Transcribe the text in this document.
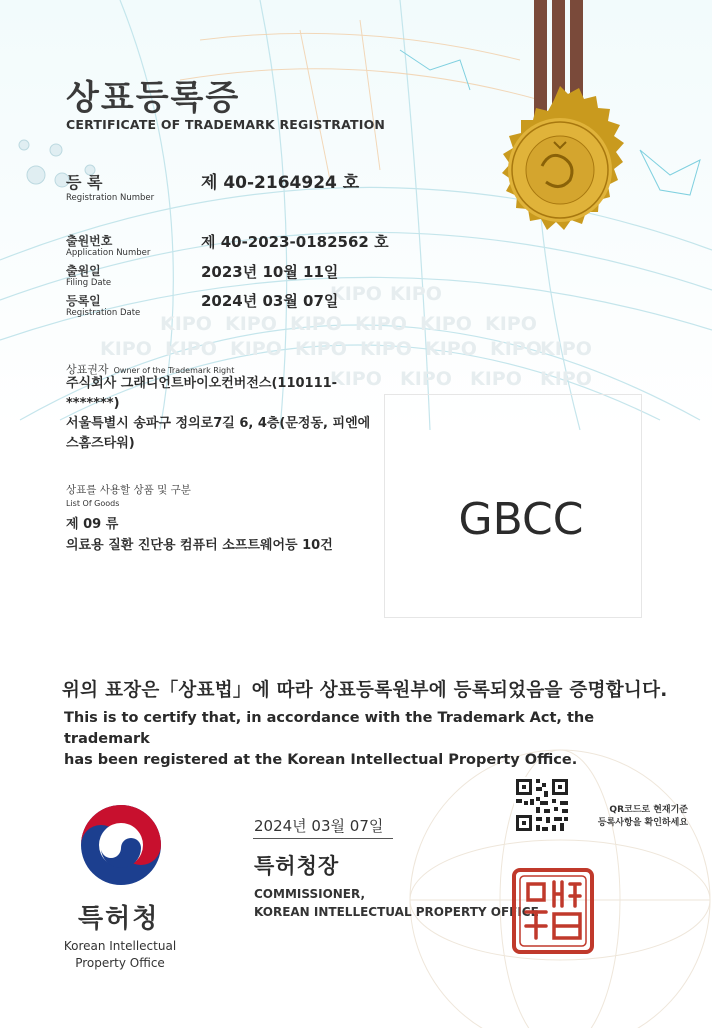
KIPO KIPO
KIPO KIPO KIPO KIPO KIPO KIPO
KIPO KIPO KIPO KIPO KIPO KIPO KIPO
KIPO
KIPO KIPO KIPO KIPO
상표등록증
CERTIFICATE OF TRADEMARK REGISTRATION
등 록
Registration Number
제 40-2164924 호
출원번호
Application Number
제 40-2023-0182562 호
출원일
Filing Date
2023년 10월 11일
등록일
Registration Date
2024년 03월 07일
상표권자 Owner of the Trademark Right
주식회사 그래디언트바이오컨버전스(110111-
*******)
서울특별시 송파구 정의로7길 6, 4층(문정동, 피엔에
스홈즈타워)
상표를 사용할 상품 및 구분
List Of Goods
제 09 류
의료용 질환 진단용 컴퓨터 소프트웨어등 10건
GBCC
위의 표장은「상표법」에 따라 상표등록원부에 등록되었음을 증명합니다.
This is to certify that, in accordance with the Trademark Act, the trademark
has been registered at the Korean Intellectual Property Office.
2024년 03월 07일
특허청장
COMMISSIONER,
KOREAN INTELLECTUAL PROPERTY OFFICE
QR코드로 현재기준
등록사항을 확인하세요
특허청
Korean Intellectual
Property Office
